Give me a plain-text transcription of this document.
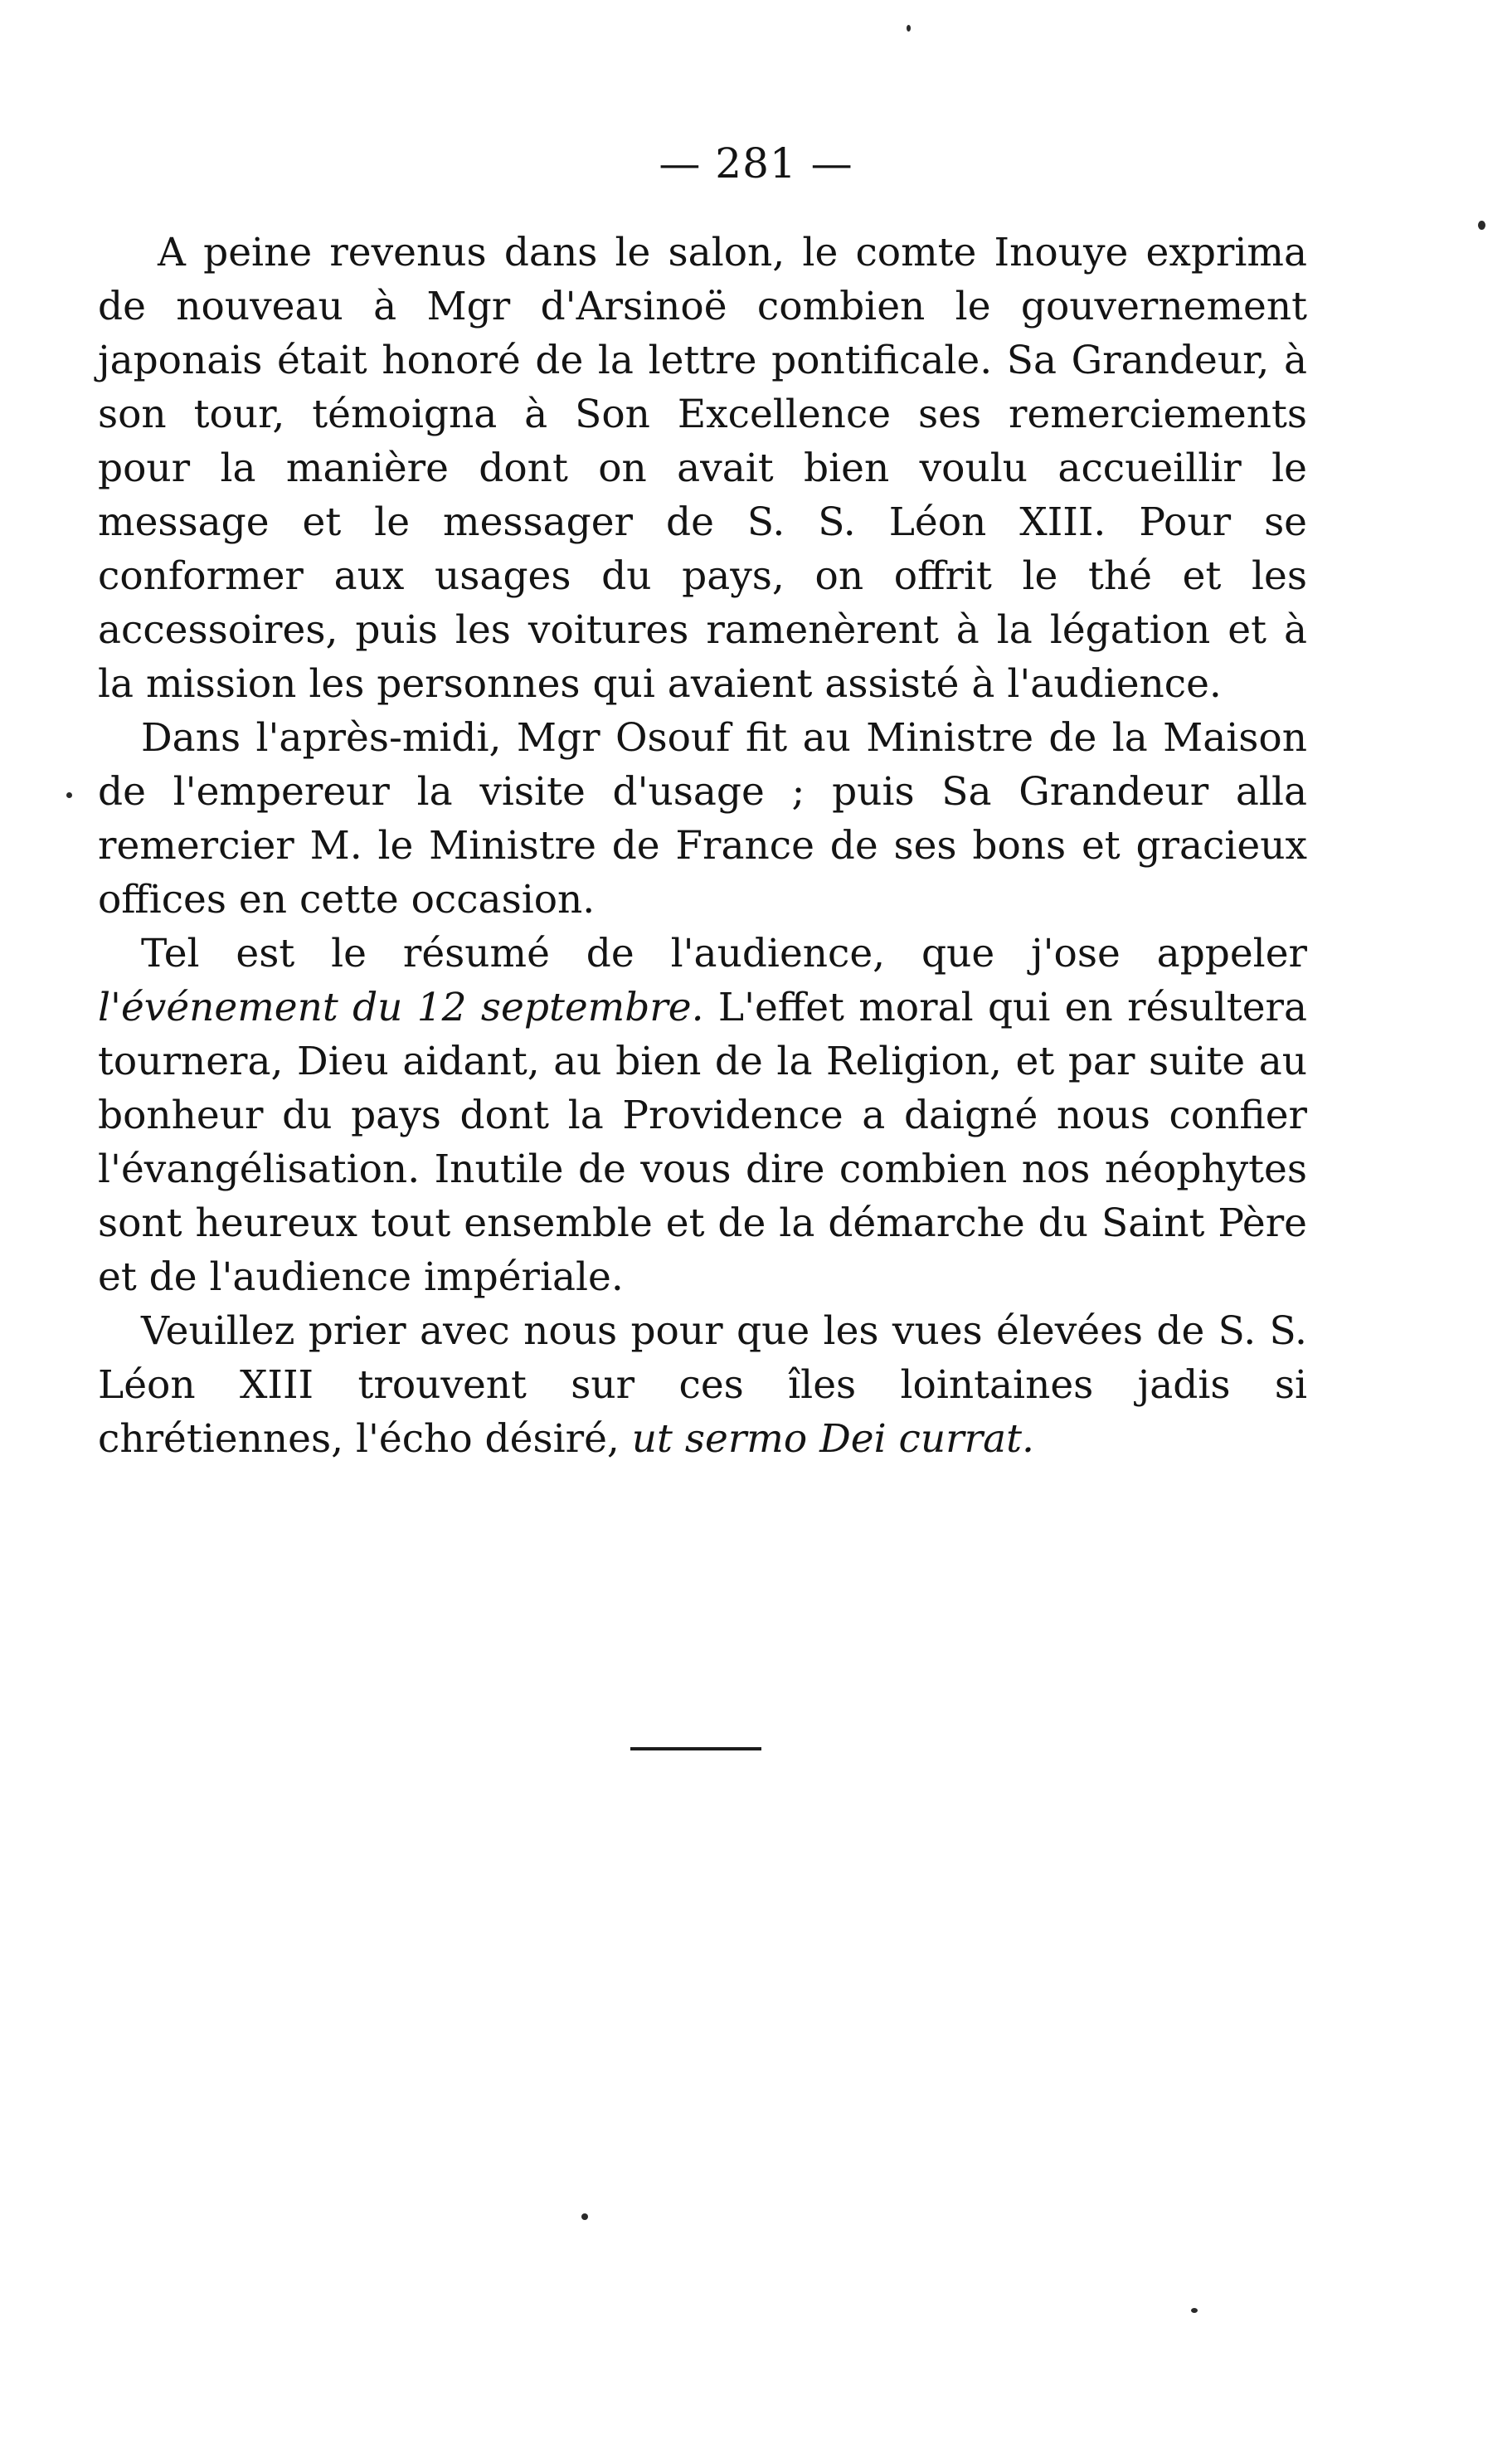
— 281 —

A peine revenus dans le salon, le comte Inouye exprima de nouveau à Mgr d'Arsinoë combien le gouvernement japonais était honoré de la lettre pontificale. Sa Grandeur, à son tour, témoigna à Son Excellence ses remerciements pour la manière dont on avait bien voulu accueillir le message et le messager de S. S. Léon XIII. Pour se conformer aux usages du pays, on offrit le thé et les accessoires, puis les voitures ramenèrent à la légation et à la mission les personnes qui avaient assisté à l'audience.

Dans l'après-midi, Mgr Osouf fit au Ministre de la Maison de l'empereur la visite d'usage ; puis Sa Grandeur alla remercier M. le Ministre de France de ses bons et gracieux offices en cette occasion.

Tel est le résumé de l'audience, que j'ose appeler l'événement du 12 septembre. L'effet moral qui en résultera tournera, Dieu aidant, au bien de la Religion, et par suite au bonheur du pays dont la Providence a daigné nous confier l'évangélisation. Inutile de vous dire combien nos néophytes sont heureux tout ensemble et de la démarche du Saint Père et de l'audience impériale.

Veuillez prier avec nous pour que les vues élevées de S. S. Léon XIII trouvent sur ces îles lointaines jadis si chrétiennes, l'écho désiré, ut sermo Dei currat.
